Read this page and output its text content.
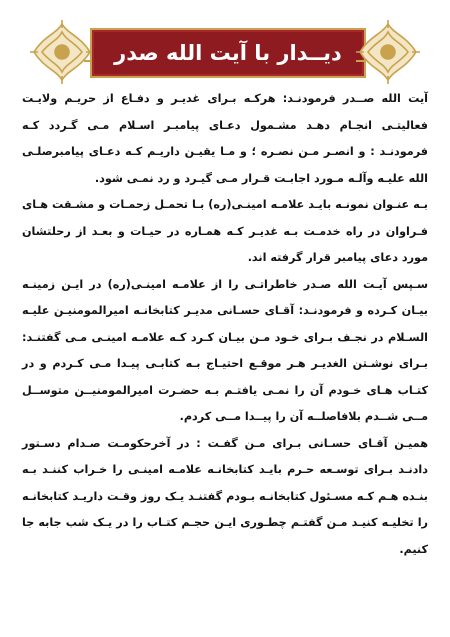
دیــدار با آیت الله صدر

آیت الله صــدر فرمودنـد: هرکـه بـرای غدیـر و دفـاع از حریـم ولایـت فعالیتـی انجـام دهـد مشـمول دعـای پیامبـر اسـلام مـی گـردد کـه فرمودنـد : و انصـر مـن نصـره ؛ و مـا یقیـن داریـم کـه دعـای پیامبرصلـی الله علیـه وآلـه مـورد اجابـت قـرار مـی گیـرد و رد نمـی شود.

بـه عنـوان نمونـه بایـد علامـه امینـی(ره) بـا تحمـل زحمـات و مشـقت هـای فـراوان در راه خدمـت بـه غدیـر کـه همـاره در حیـات و بعـد از رحلتشان مورد دعای پیامبر قرار گرفته اند.

سـپس آیـت الله صـدر خاطراتـی را از علامـه امینـی(ره) در ایـن زمینـه بیـان کـرده و فرمودنـد: آقـای حسـانی مدیـر کتابخانـه امیرالمومنیـن علیـه السـلام در نجـف بـرای خـود مـن بیـان کـرد کـه علامـه امینـی مـی گفتنـد: بـرای نوشـتن الغدیـر هـر موقـع احتیـاج بـه کتابـی پیـدا مـی کـردم و در کتـاب هـای خـودم آن را نمـی یافتـم بـه حضـرت امیرالمومنیــن متوســل مــی شــدم بلافاصلــه آن را پیــدا مــی کردم.

همیـن آقـای حسـانی بـرای مـن گفـت : در آخرحکومـت صـدام دسـتور دادنـد بـرای توسـعه حـرم بایـد کتابخانـه علامـه امینـی را خـراب کننـد بـه بنـده هـم کـه مسـئول کتابخانـه بـودم گفتنـد یـک روز وقـت داریـد کتابخانـه را تخلیـه کنیـد مـن گفتـم چطـوری ایـن حجـم کتـاب را در یـک شب جابه جا کنیم.
